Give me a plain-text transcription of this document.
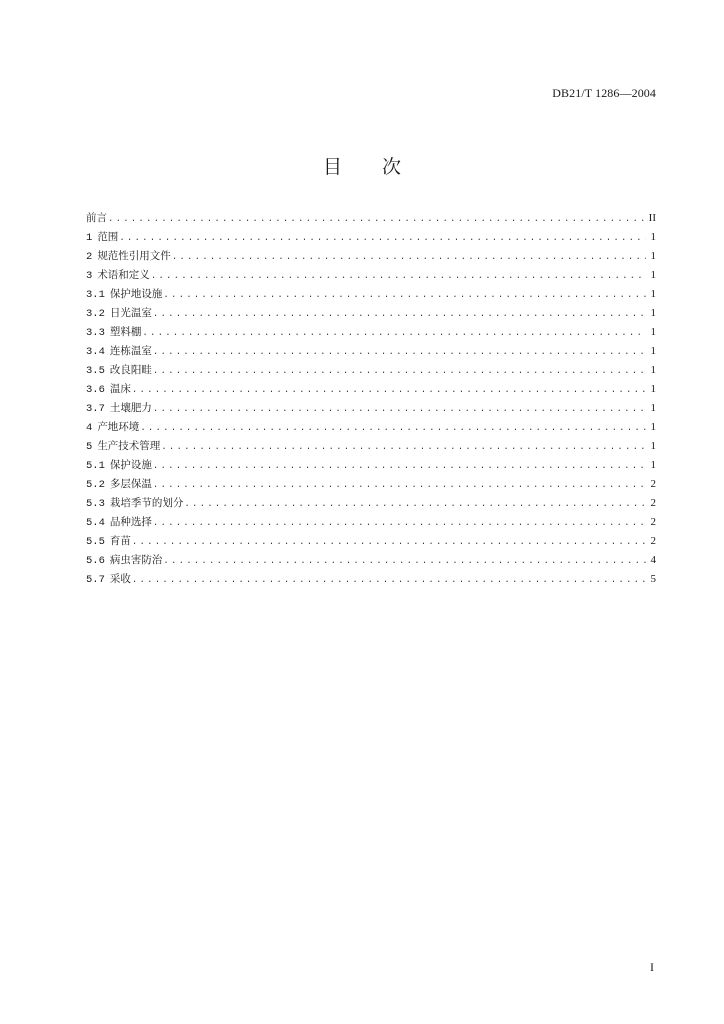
DB21/T 1286—2004
目 次
前言 .....	II
1 范围 .....	1
2 规范性引用文件 .....	1
3 术语和定义 .....	1
3.1 保护地设施 .....	1
3.2 日光温室 .....	1
3.3 塑料棚 .....	1
3.4 连栋温室 .....	1
3.5 改良阳畦 .....	1
3.6 温床 .....	1
3.7 土壤肥力 .....	1
4 产地环境 .....	1
5 生产技术管理 .....	1
5.1 保护设施 .....	1
5.2 多层保温 .....	2
5.3 栽培季节的划分 .....	2
5.4 品种选择 .....	2
5.5 育苗 .....	2
5.6 病虫害防治 .....	4
5.7 采收 .....	5
I
